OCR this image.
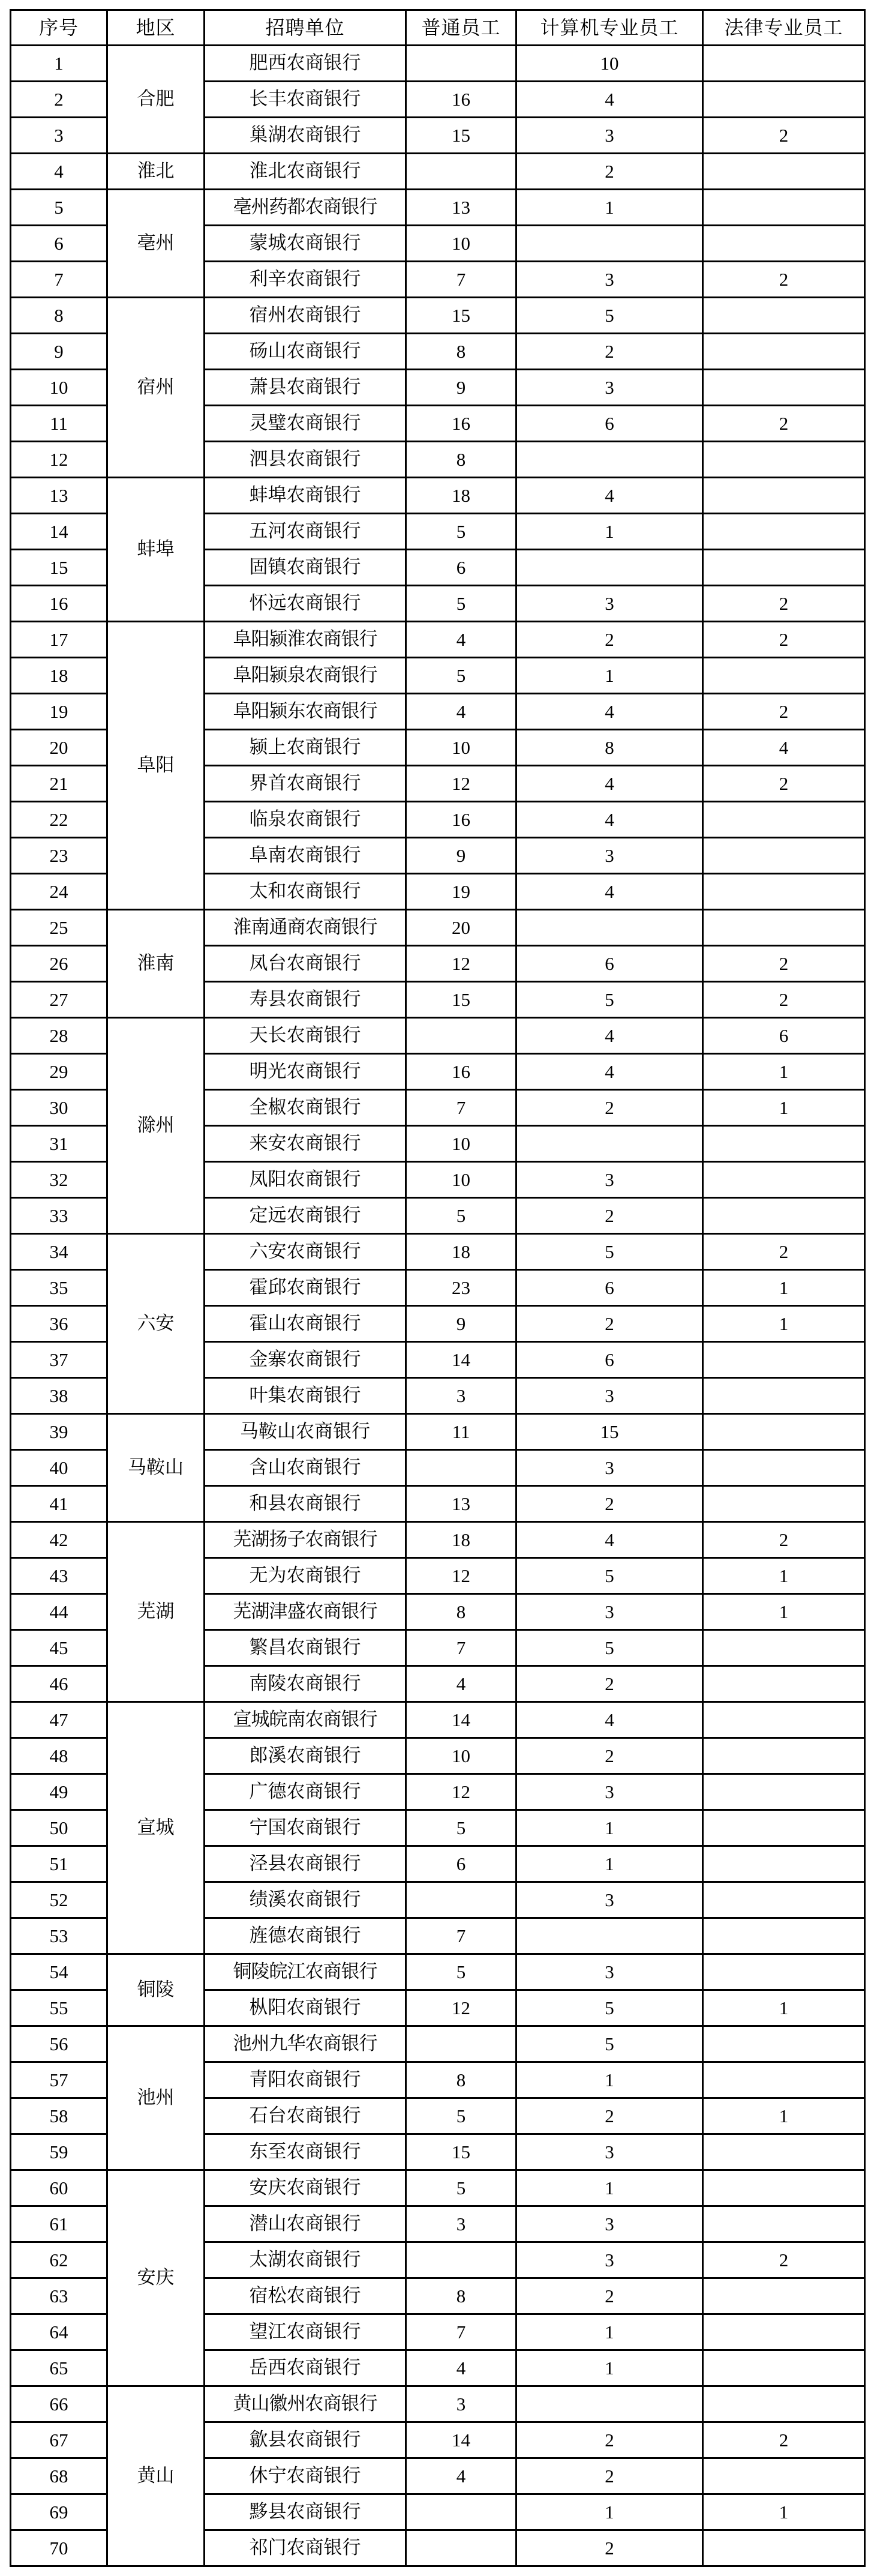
序号	地区	招聘单位	普通员工	计算机专业员工	法律专业员工
1	合肥	肥西农商银行		10	
2		长丰农商银行	16	4	
3		巢湖农商银行	15	3	2
4	淮北	淮北农商银行		2	
5	亳州	亳州药都农商银行	13	1	
6		蒙城农商银行	10		
7		利辛农商银行	7	3	2
8	宿州	宿州农商银行	15	5	
9		砀山农商银行	8	2	
10		萧县农商银行	9	3	
11		灵璧农商银行	16	6	2
12		泗县农商银行	8		
13	蚌埠	蚌埠农商银行	18	4	
14		五河农商银行	5	1	
15		固镇农商银行	6		
16		怀远农商银行	5	3	2
17	阜阳	阜阳颍淮农商银行	4	2	2
18		阜阳颍泉农商银行	5	1	
19		阜阳颍东农商银行	4	4	2
20		颍上农商银行	10	8	4
21		界首农商银行	12	4	2
22		临泉农商银行	16	4	
23		阜南农商银行	9	3	
24		太和农商银行	19	4	
25	淮南	淮南通商农商银行	20		
26		凤台农商银行	12	6	2
27		寿县农商银行	15	5	2
28	滁州	天长农商银行		4	6
29		明光农商银行	16	4	1
30		全椒农商银行	7	2	1
31		来安农商银行	10		
32		凤阳农商银行	10	3	
33		定远农商银行	5	2	
34	六安	六安农商银行	18	5	2
35		霍邱农商银行	23	6	1
36		霍山农商银行	9	2	1
37		金寨农商银行	14	6	
38		叶集农商银行	3	3	
39	马鞍山	马鞍山农商银行	11	15	
40		含山农商银行		3	
41		和县农商银行	13	2	
42	芜湖	芜湖扬子农商银行	18	4	2
43		无为农商银行	12	5	1
44		芜湖津盛农商银行	8	3	1
45		繁昌农商银行	7	5	
46		南陵农商银行	4	2	
47	宣城	宣城皖南农商银行	14	4	
48		郎溪农商银行	10	2	
49		广德农商银行	12	3	
50		宁国农商银行	5	1	
51		泾县农商银行	6	1	
52		绩溪农商银行		3	
53		旌德农商银行	7		
54	铜陵	铜陵皖江农商银行	5	3	
55		枞阳农商银行	12	5	1
56	池州	池州九华农商银行		5	
57		青阳农商银行	8	1	
58		石台农商银行	5	2	1
59		东至农商银行	15	3	
60	安庆	安庆农商银行	5	1	
61		潜山农商银行	3	3	
62		太湖农商银行		3	2
63		宿松农商银行	8	2	
64		望江农商银行	7	1	
65		岳西农商银行	4	1	
66	黄山	黄山徽州农商银行	3		
67		歙县农商银行	14	2	2
68		休宁农商银行	4	2	
69		黟县农商银行		1	1
70		祁门农商银行		2	
